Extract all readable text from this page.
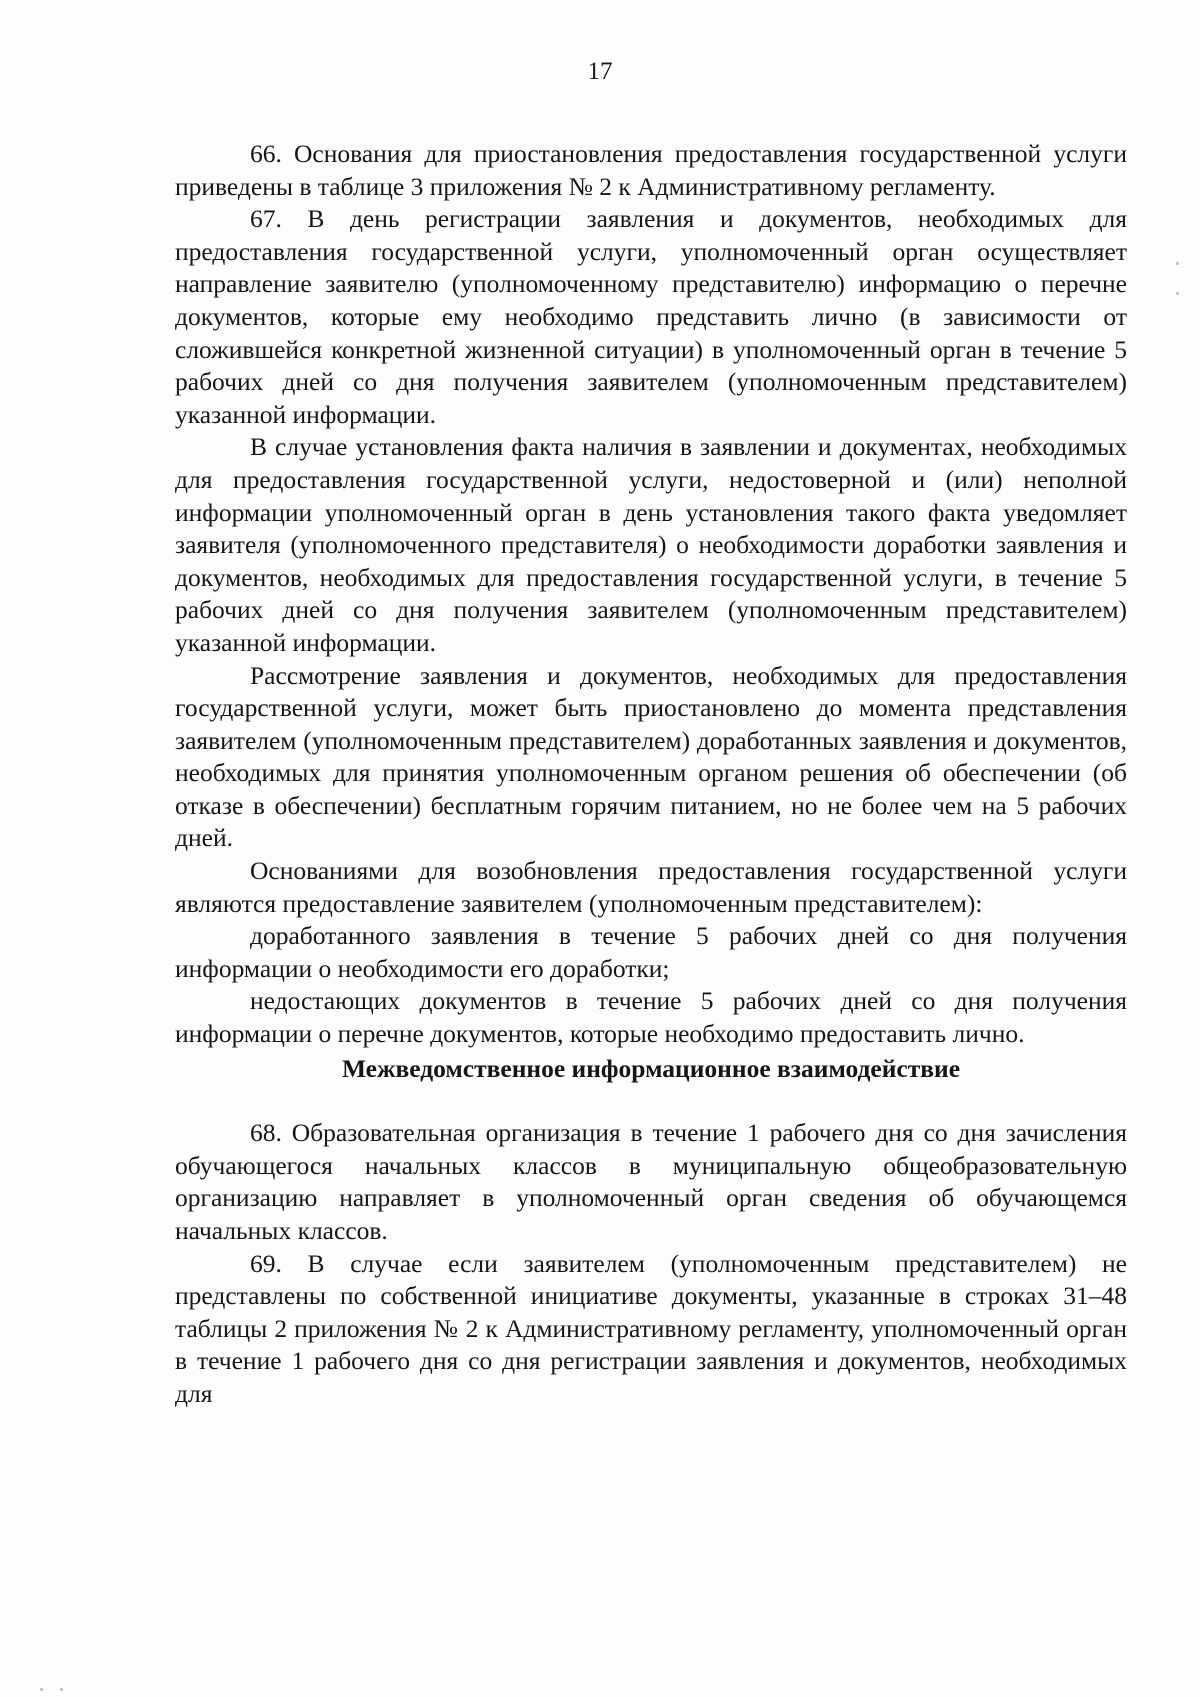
17

66. Основания для приостановления предоставления государственной услуги приведены в таблице 3 приложения № 2 к Административному регламенту.

67. В день регистрации заявления и документов, необходимых для предоставления государственной услуги, уполномоченный орган осуществляет направление заявителю (уполномоченному представителю) информацию о перечне документов, которые ему необходимо представить лично (в зависимости от сложившейся конкретной жизненной ситуации) в уполномоченный орган в течение 5 рабочих дней со дня получения заявителем (уполномоченным представителем) указанной информации.

В случае установления факта наличия в заявлении и документах, необходимых для предоставления государственной услуги, недостоверной и (или) неполной информации уполномоченный орган в день установления такого факта уведомляет заявителя (уполномоченного представителя) о необходимости доработки заявления и документов, необходимых для предоставления государственной услуги, в течение 5 рабочих дней со дня получения заявителем (уполномоченным представителем) указанной информации.

Рассмотрение заявления и документов, необходимых для предоставления государственной услуги, может быть приостановлено до момента представления заявителем (уполномоченным представителем) доработанных заявления и документов, необходимых для принятия уполномоченным органом решения об обеспечении (об отказе в обеспечении) бесплатным горячим питанием, но не более чем на 5 рабочих дней.

Основаниями для возобновления предоставления государственной услуги являются предоставление заявителем (уполномоченным представителем):

доработанного заявления в течение 5 рабочих дней со дня получения информации о необходимости его доработки;

недостающих документов в течение 5 рабочих дней со дня получения информации о перечне документов, которые необходимо предоставить лично.

Межведомственное информационное взаимодействие

68. Образовательная организация в течение 1 рабочего дня со дня зачисления обучающегося начальных классов в муниципальную общеобразовательную организацию направляет в уполномоченный орган сведения об обучающемся начальных классов.

69. В случае если заявителем (уполномоченным представителем) не представлены по собственной инициативе документы, указанные в строках 31–48 таблицы 2 приложения № 2 к Административному регламенту, уполномоченный орган в течение 1 рабочего дня со дня регистрации заявления и документов, необходимых для
